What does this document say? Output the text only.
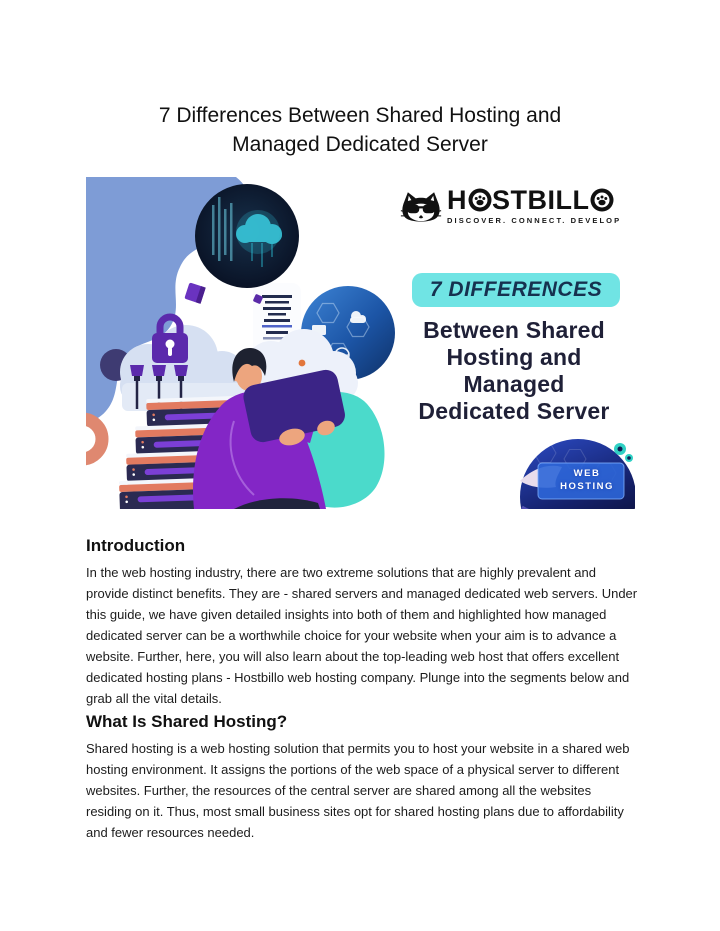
7 Differences Between Shared Hosting and Managed Dedicated Server
H STBILL
DISCOVER. CONNECT. DEVELOP
7 DIFFERENCES
Between Shared
Hosting and
Managed
Dedicated Server
WEB
HOSTING
Introduction

In the web hosting industry, there are two extreme solutions that are highly prevalent and
provide distinct benefits. They are - shared servers and managed dedicated web servers. Under
this guide, we have given detailed insights into both of them and highlighted how managed
dedicated server can be a worthwhile choice for your website when your aim is to advance a
website. Further, here, you will also learn about the top-leading web host that offers excellent
dedicated hosting plans - Hostbillo web hosting company. Plunge into the segments below and
grab all the vital details.

What Is Shared Hosting?

Shared hosting is a web hosting solution that permits you to host your website in a shared web
hosting environment. It assigns the portions of the web space of a physical server to different
websites. Further, the resources of the central server are shared among all the websites
residing on it. Thus, most small business sites opt for shared hosting plans due to affordability
and fewer resources needed.
